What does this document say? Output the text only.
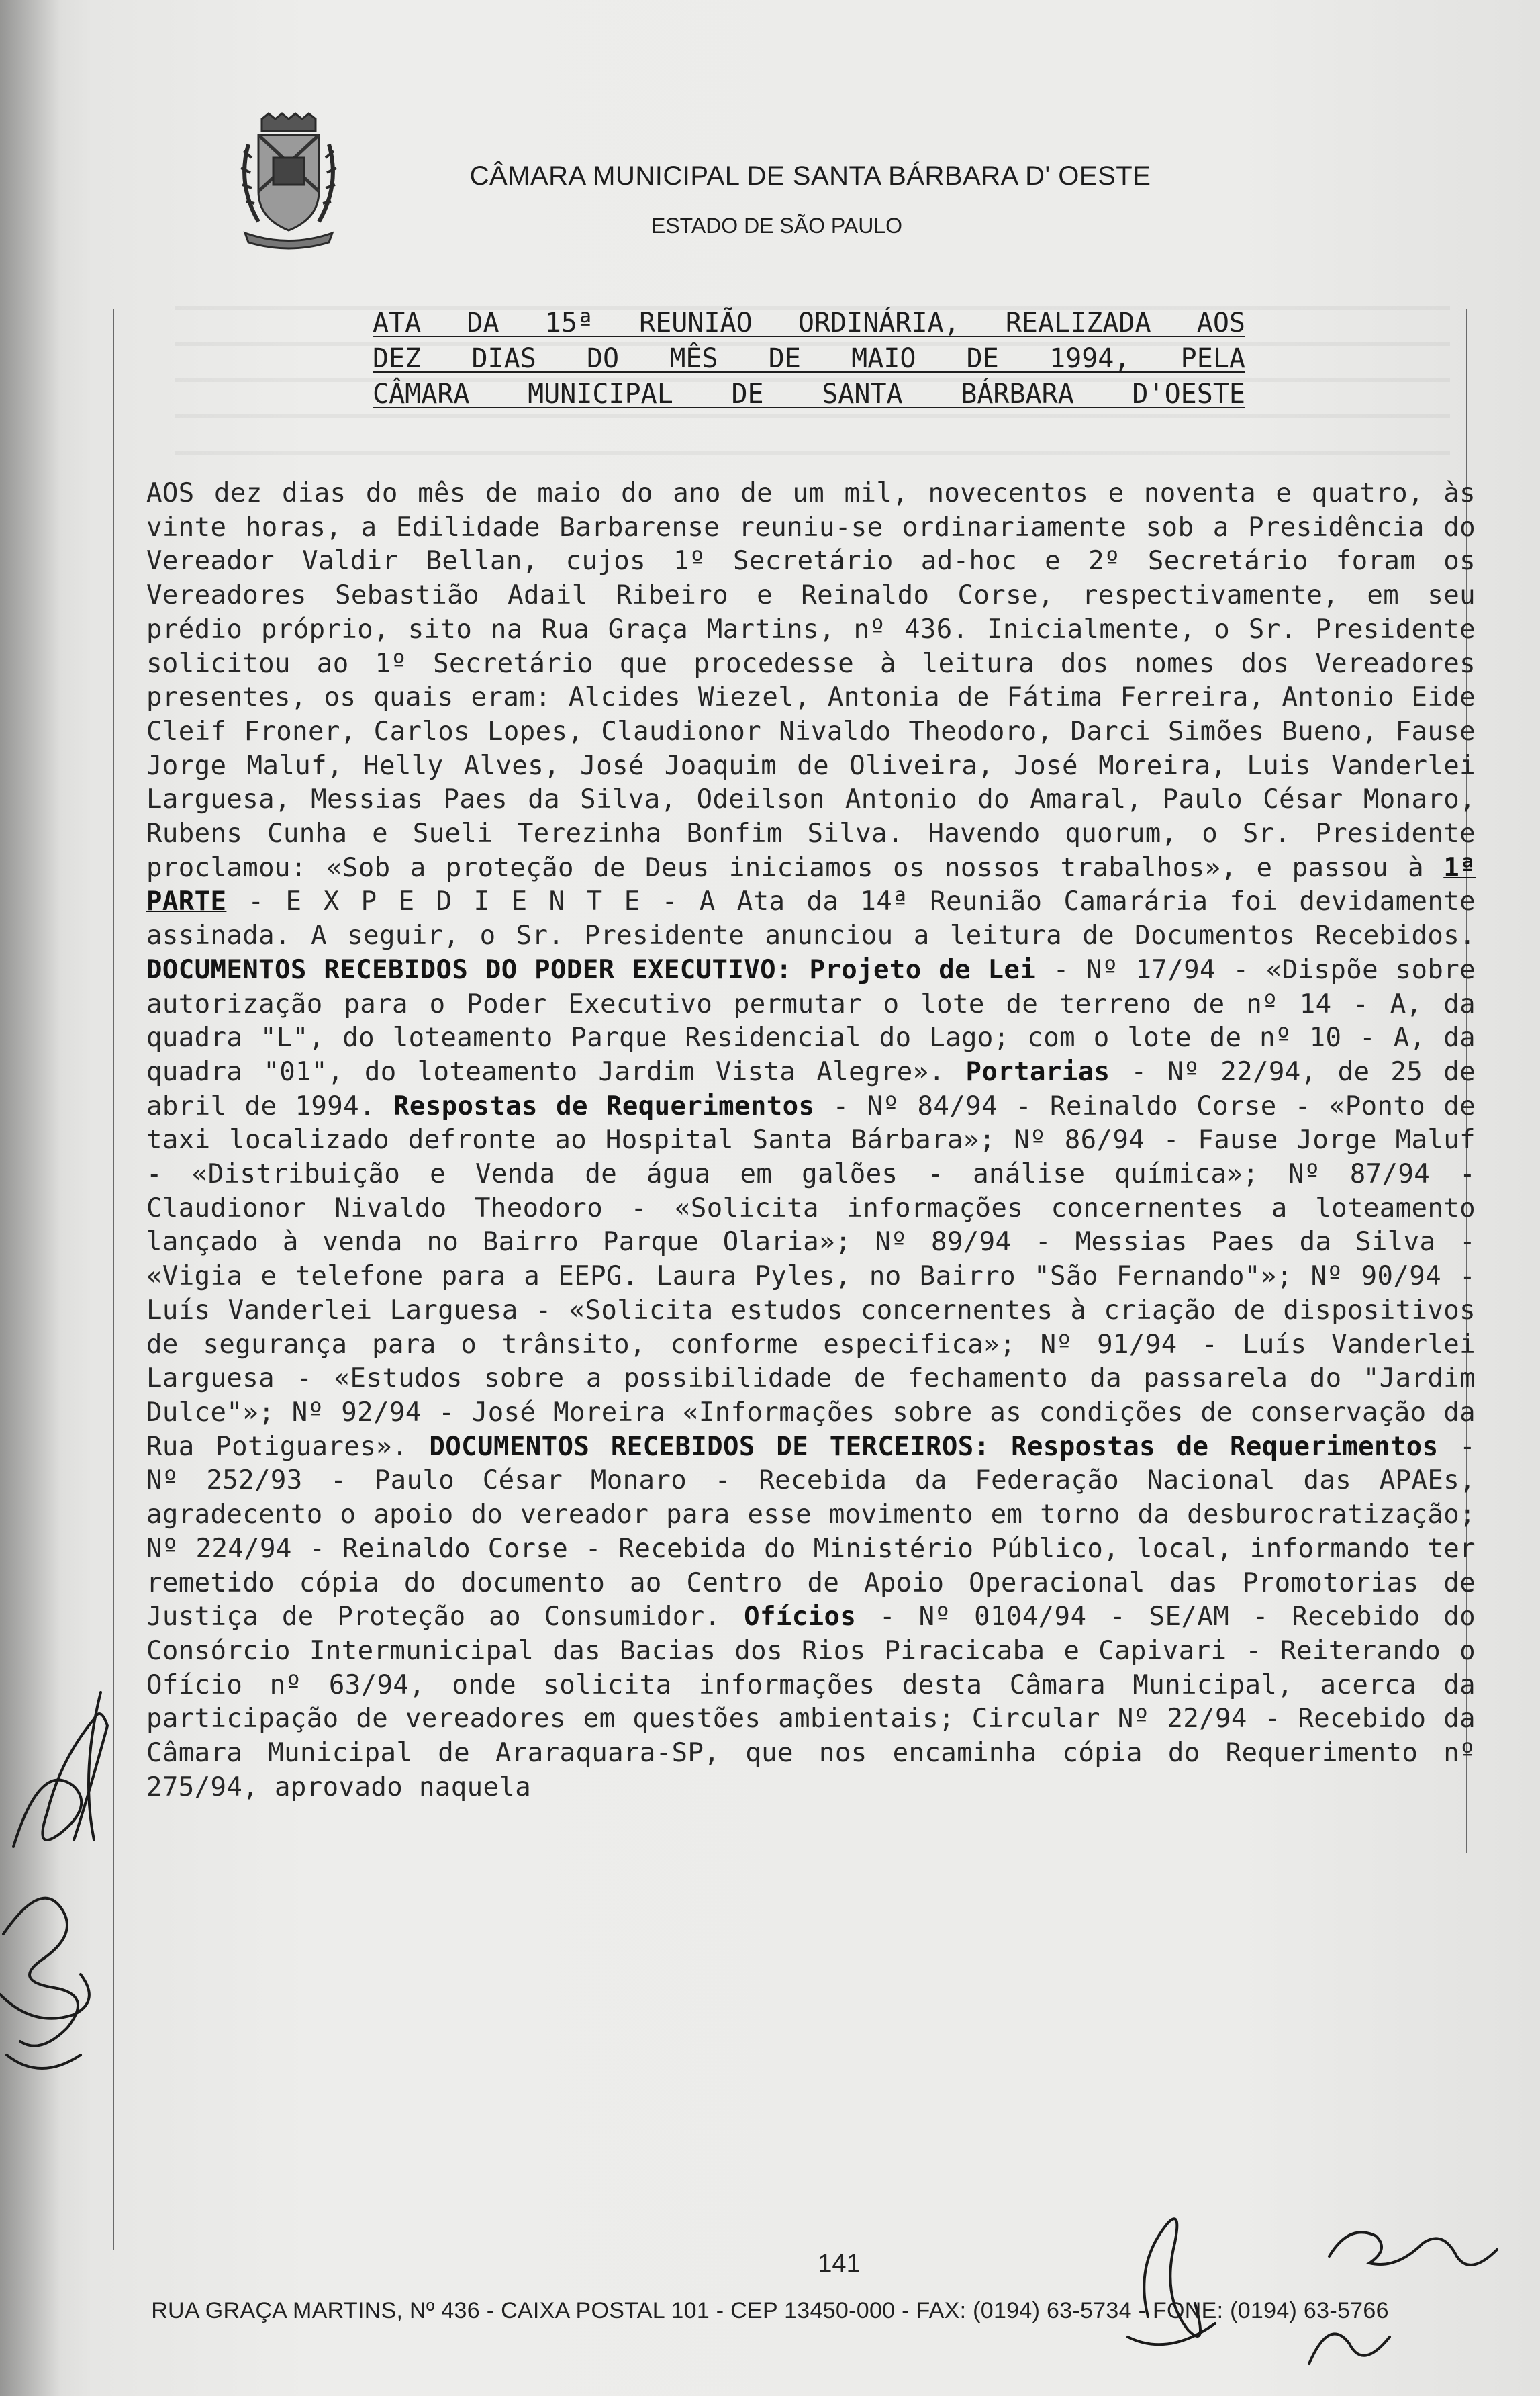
CÂMARA MUNICIPAL DE SANTA BÁRBARA D' OESTE
ESTADO DE SÃO PAULO
ATA DA 15ª REUNIÃO ORDINÁRIA, REALIZADA AOS
DEZ DIAS DO MÊS DE MAIO DE 1994, PELA
CÂMARA MUNICIPAL DE SANTA BÁRBARA D'OESTE
AOS dez dias do mês de maio do ano de um mil, novecentos e noventa e quatro, às vinte horas, a Edilidade Barbarense reuniu-se ordinariamente sob a Presidência do Vereador Valdir Bellan, cujos 1º Secretário ad-hoc e 2º Secretário foram os Vereadores Sebastião Adail Ribeiro e Reinaldo Corse, respectivamente, em seu prédio próprio, sito na Rua Graça Martins, nº 436. Inicialmente, o Sr. Presidente solicitou ao 1º Secretário que procedesse à leitura dos nomes dos Vereadores presentes, os quais eram: Alcides Wiezel, Antonia de Fátima Ferreira, Antonio Eide Cleif Froner, Carlos Lopes, Claudionor Nivaldo Theodoro, Darci Simões Bueno, Fause Jorge Maluf, Helly Alves, José Joaquim de Oliveira, José Moreira, Luis Vanderlei Larguesa, Messias Paes da Silva, Odeilson Antonio do Amaral, Paulo César Monaro, Rubens Cunha e Sueli Terezinha Bonfim Silva. Havendo quorum, o Sr. Presidente proclamou: «Sob a proteção de Deus iniciamos os nossos trabalhos», e passou à 1ª PARTE - E X P E D I E N T E - A Ata da 14ª Reunião Camarária foi devidamente assinada. A seguir, o Sr. Presidente anunciou a leitura de Documentos Recebidos. DOCUMENTOS RECEBIDOS DO PODER EXECUTIVO: Projeto de Lei - Nº 17/94 - «Dispõe sobre autorização para o Poder Executivo permutar o lote de terreno de nº 14 - A, da quadra "L", do loteamento Parque Residencial do Lago; com o lote de nº 10 - A, da quadra "01", do loteamento Jardim Vista Alegre». Portarias - Nº 22/94, de 25 de abril de 1994. Respostas de Requerimentos - Nº 84/94 - Reinaldo Corse - «Ponto de taxi localizado defronte ao Hospital Santa Bárbara»; Nº 86/94 - Fause Jorge Maluf - «Distribuição e Venda de água em galões - análise química»; Nº 87/94 - Claudionor Nivaldo Theodoro - «Solicita informações concernentes a loteamento lançado à venda no Bairro Parque Olaria»; Nº 89/94 - Messias Paes da Silva - «Vigia e telefone para a EEPG. Laura Pyles, no Bairro "São Fernando"»; Nº 90/94 - Luís Vanderlei Larguesa - «Solicita estudos concernentes à criação de dispositivos de segurança para o trânsito, conforme especifica»; Nº 91/94 - Luís Vanderlei Larguesa - «Estudos sobre a possibilidade de fechamento da passarela do "Jardim Dulce"»; Nº 92/94 - José Moreira «Informações sobre as condições de conservação da Rua Potiguares». DOCUMENTOS RECEBIDOS DE TERCEIROS: Respostas de Requerimentos - Nº 252/93 - Paulo César Monaro - Recebida da Federação Nacional das APAEs, agradecento o apoio do vereador para esse movimento em torno da desburocratização; Nº 224/94 - Reinaldo Corse - Recebida do Ministério Público, local, informando ter remetido cópia do documento ao Centro de Apoio Operacional das Promotorias de Justiça de Proteção ao Consumidor. Ofícios - Nº 0104/94 - SE/AM - Recebido do Consórcio Intermunicipal das Bacias dos Rios Piracicaba e Capivari - Reiterando o Ofício nº 63/94, onde solicita informações desta Câmara Municipal, acerca da participação de vereadores em questões ambientais; Circular Nº 22/94 - Recebido da Câmara Municipal de Araraquara-SP, que nos encaminha cópia do Requerimento nº 275/94, aprovado naquela
141
RUA GRAÇA MARTINS, Nº 436 - CAIXA POSTAL 101 - CEP 13450-000 - FAX: (0194) 63-5734 - FONE: (0194) 63-5766
